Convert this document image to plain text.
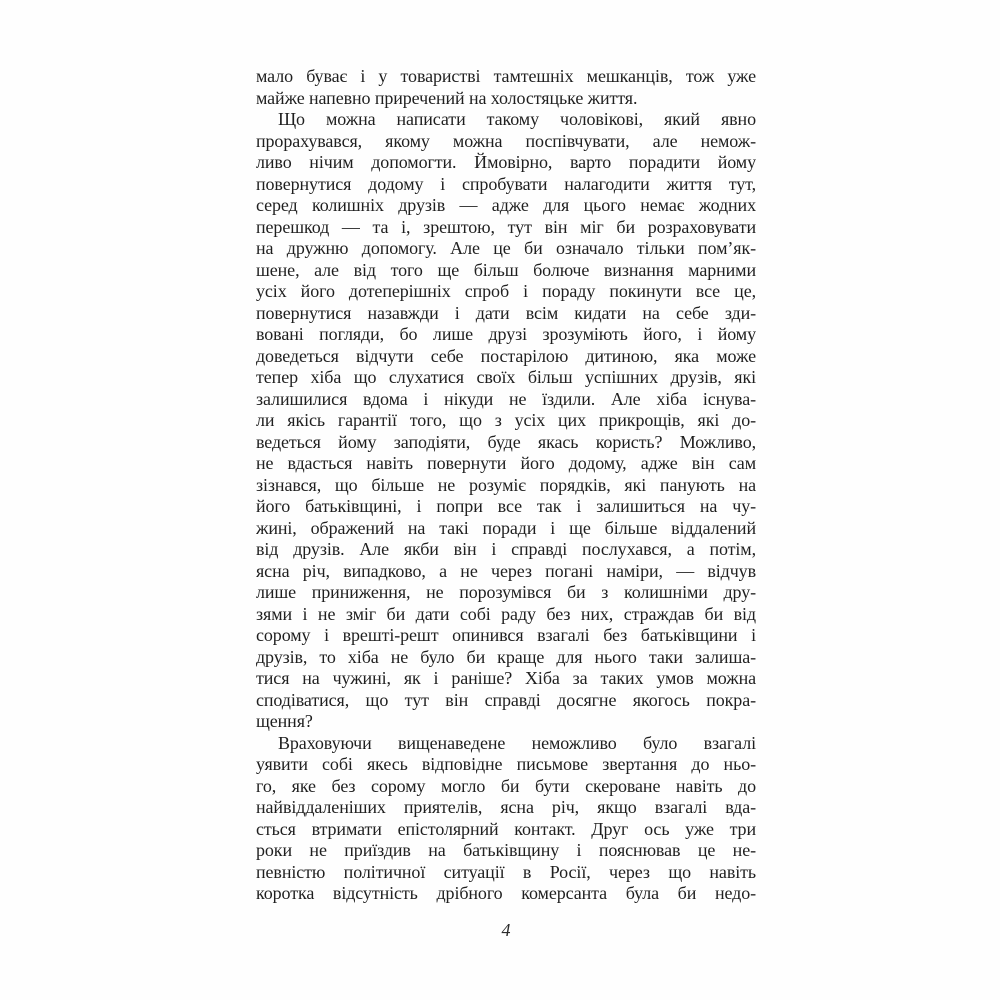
мало буває і у товаристві тамтешніх мешканців, тож уже
майже напевно приречений на холостяцьке життя.
Що можна написати такому чоловікові, який явно
прорахувався, якому можна поспівчувати, але немож-
ливо нічим допомогти. Ймовірно, варто порадити йому
повернутися додому і спробувати налагодити життя тут,
серед колишніх друзів — адже для цього немає жодних
перешкод — та і, зрештою, тут він міг би розраховувати
на дружню допомогу. Але це би означало тільки пом’як-
шене, але від того ще більш болюче визнання марними
усіх його дотеперішніх спроб і пораду покинути все це,
повернутися назавжди і дати всім кидати на себе зди-
вовані погляди, бо лише друзі зрозуміють його, і йому
доведеться відчути себе постарілою дитиною, яка може
тепер хіба що слухатися своїх більш успішних друзів, які
залишилися вдома і нікуди не їздили. Але хіба існува-
ли якісь гарантії того, що з усіх цих прикрощів, які до-
ведеться йому заподіяти, буде якась користь? Можливо,
не вдасться навіть повернути його додому, адже він сам
зізнався, що більше не розуміє порядків, які панують на
його батьківщині, і попри все так і залишиться на чу-
жині, ображений на такі поради і ще більше віддалений
від друзів. Але якби він і справді послухався, а потім,
ясна річ, випадково, а не через погані наміри, — відчув
лише приниження, не порозумівся би з колишніми дру-
зями і не зміг би дати собі раду без них, страждав би від
сорому і врешті-решт опинився взагалі без батьківщини і
друзів, то хіба не було би краще для нього таки залиша-
тися на чужині, як і раніше? Хіба за таких умов можна
сподіватися, що тут він справді досягне якогось покра-
щення?
Враховуючи вищенаведене неможливо було взагалі
уявити собі якесь відповідне письмове звертання до ньо-
го, яке без сорому могло би бути скероване навіть до
найвіддаленіших приятелів, ясна річ, якщо взагалі вда-
сться втримати епістолярний контакт. Друг ось уже три
роки не приїздив на батьківщину і пояснював це не-
певністю політичної ситуації в Росії, через що навіть
коротка відсутність дрібного комерсанта була би недо-
4
